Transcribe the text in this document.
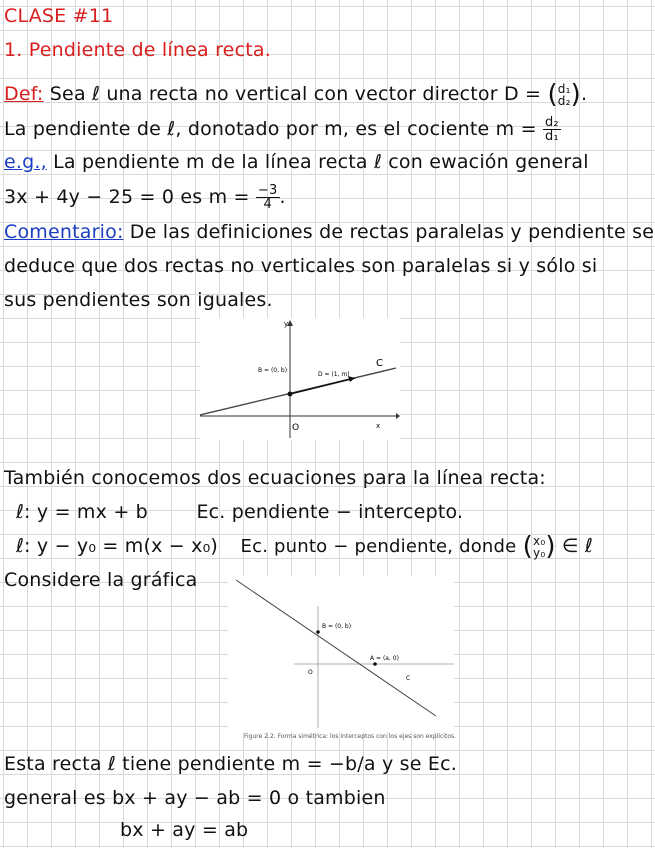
CLASE #11
1. Pendiente de línea recta.
Def: Sea ℓ una recta no vertical con vector director D = ( d₁
d₂ ).
La pendiente de ℓ, donotado por m, es el cociente $m = \frac{\text{d₂}}{\text{d₁}}$
e.g., La pendiente m de la línea recta ℓ con ewación general
3x + 4y − 25 = 0 es $m = \frac{-3}{4}$ .
Comentario: De las definiciones de rectas paralelas y pendiente se
deduce que dos rectas no verticales son paralelas si y sólo si
sus pendientes son iguales.
y
x
O
C
B = (0, b)
D = (1, m)
También conocemos dos ecuaciones para la línea recta:
ℓ: y = mx + b	Ec. pendiente − intercepto.
ℓ: y − y₀ = m(x − x₀) Ec. punto − pendiente, donde ( x₀
y₀ ) ∈ ℓ
Considere la gráfica
B = (0, b)
A = (a, 0)
O
C
Figure 2.2. Forma simétrica: los interceptos con los ejes son explícitos.
Esta recta ℓ tiene pendiente m = −b/a y se Ec.
general es bx + ay − ab = 0 o tambien
bx + ay = ab
